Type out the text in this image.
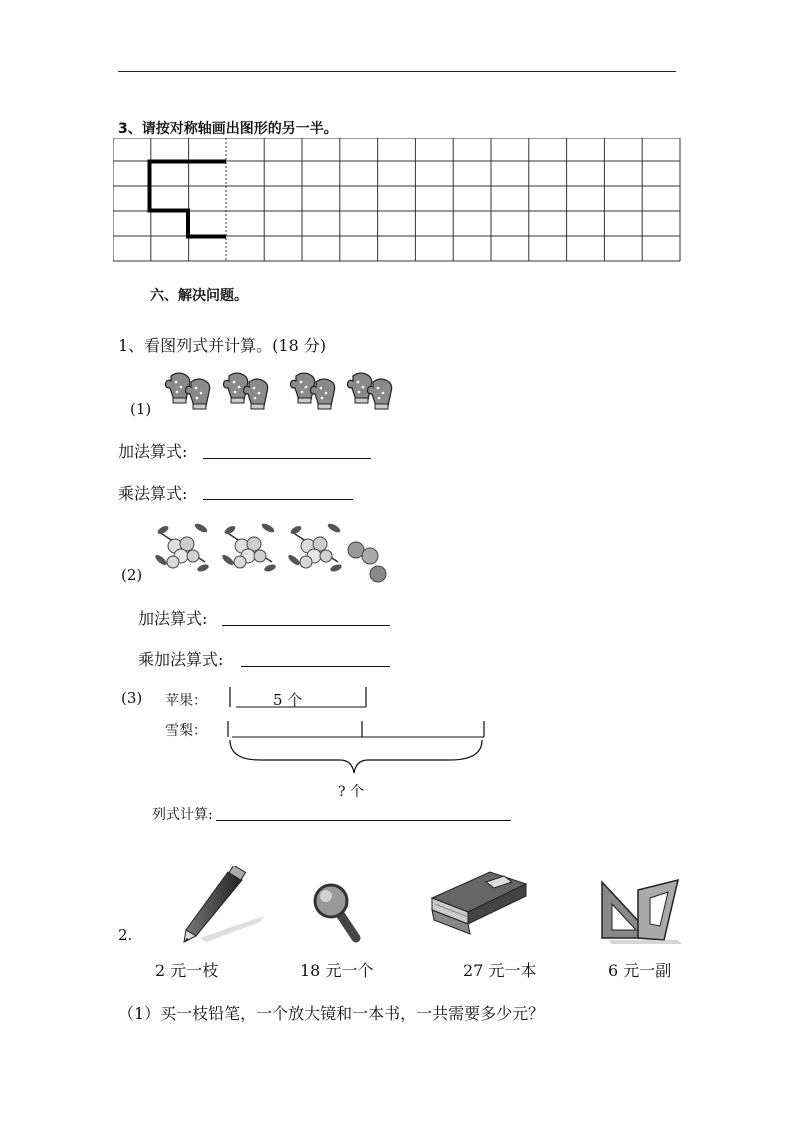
3、请按对称轴画出图形的另一半。
六、解决问题。
1、看图列式并计算。(18 分)
(1)
加法算式:
乘法算式:
(2)
加法算式:
乘加法算式:
(3) 苹果：
雪梨：
5 个
? 个
列式计算:
2.
2 元一枝	18 元一个	27 元一本	6 元一副
（1）买一枝铅笔，一个放大镜和一本书，一共需要多少元？
